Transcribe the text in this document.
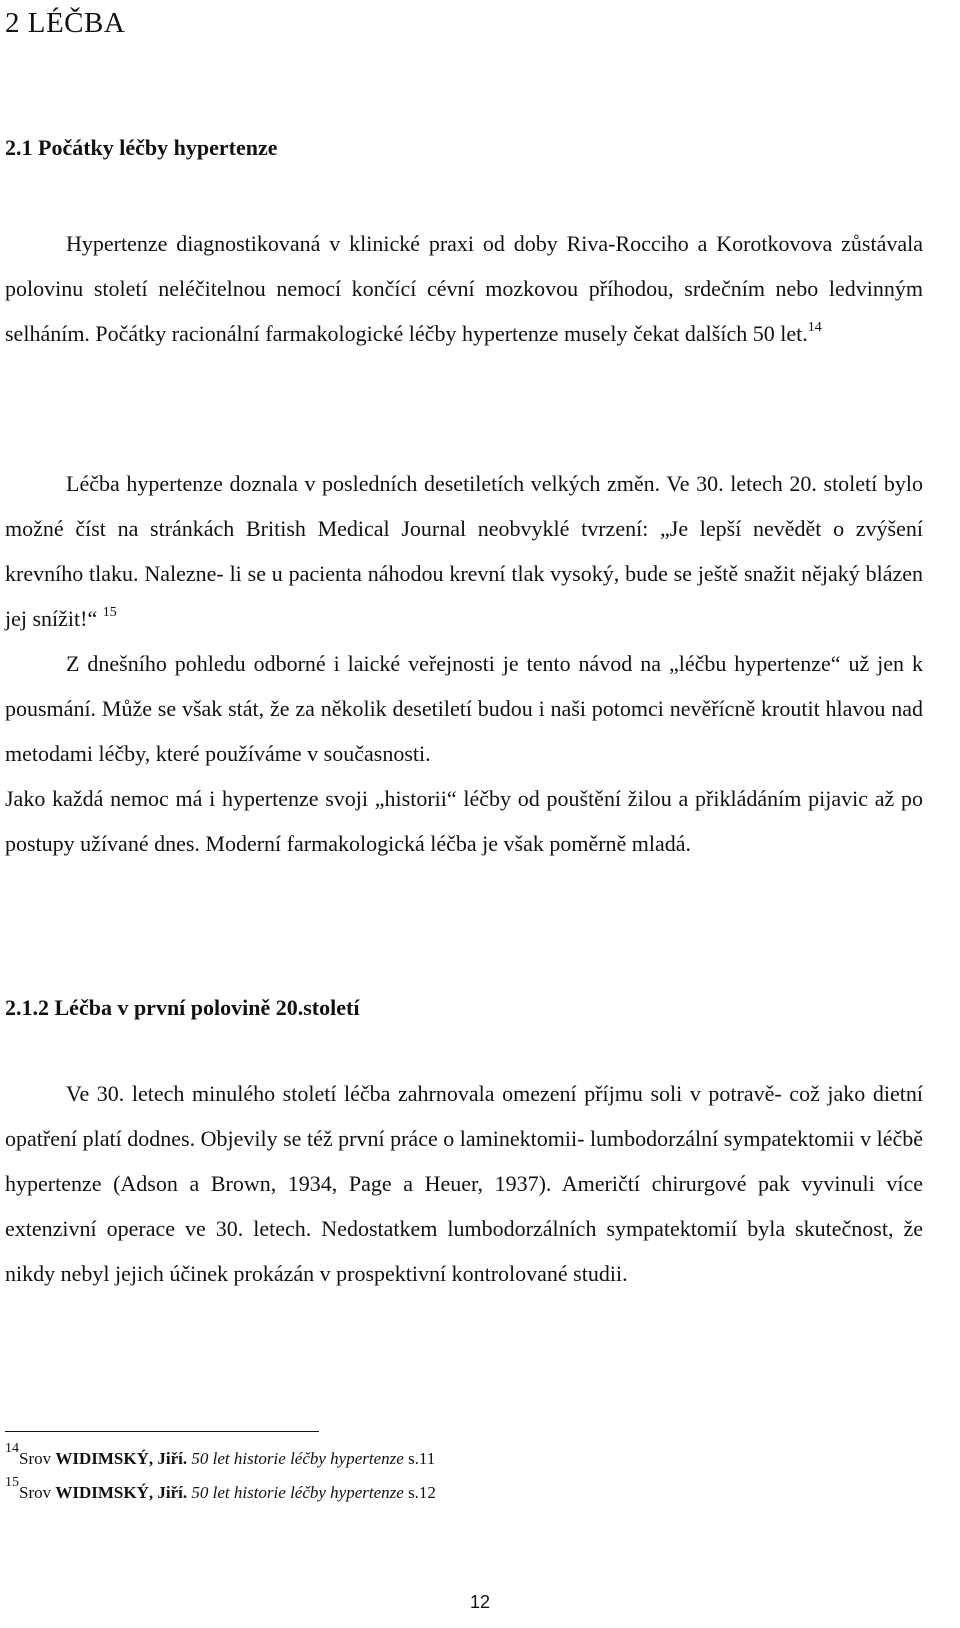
2 LÉČBA
2.1 Počátky léčby hypertenze

Hypertenze diagnostikovaná v klinické praxi od doby Riva-Rocciho a Korotkovova zůstávala polovinu století neléčitelnou nemocí končící cévní mozkovou příhodou, srdečním nebo ledvinným selháním. Počátky racionální farmakologické léčby hypertenze musely čekat dalších 50 let.$^{14}$

Léčba hypertenze doznala v posledních desetiletích velkých změn. Ve 30. letech 20. století bylo možné číst na stránkách British Medical Journal neobvyklé tvrzení: „Je lepší nevědět o zvýšení krevního tlaku. Nalezne- li se u pacienta náhodou krevní tlak vysoký, bude se ještě snažit nějaký blázen jej snížit!“ $^{15}$

Z dnešního pohledu odborné i laické veřejnosti je tento návod na „léčbu hypertenze“ už jen k pousmání. Může se však stát, že za několik desetiletí budou i naši potomci nevěřícně kroutit hlavou nad metodami léčby, které používáme v současnosti.

Jako každá nemoc má i hypertenze svoji „historii“ léčby od pouštění žilou a přikládáním pijavic až po postupy užívané dnes. Moderní farmakologická léčba je však poměrně mladá.

2.1.2 Léčba v první polovině 20.století

Ve 30. letech minulého století léčba zahrnovala omezení příjmu soli v potravě- což jako dietní opatření platí dodnes. Objevily se též první práce o laminektomii- lumbodorzální sympatektomii v léčbě hypertenze (Adson a Brown, 1934, Page a Heuer, 1937). Američtí chirurgové pak vyvinuli více extenzivní operace ve 30. letech. Nedostatkem lumbodorzálních sympatektomií byla skutečnost, že nikdy nebyl jejich účinek prokázán v prospektivní kontrolované studii.

$^{14}$Srov WIDIMSKÝ, Jiří. 50 let historie léčby hypertenze s.11
$^{15}$Srov WIDIMSKÝ, Jiří. 50 let historie léčby hypertenze s.12
12
